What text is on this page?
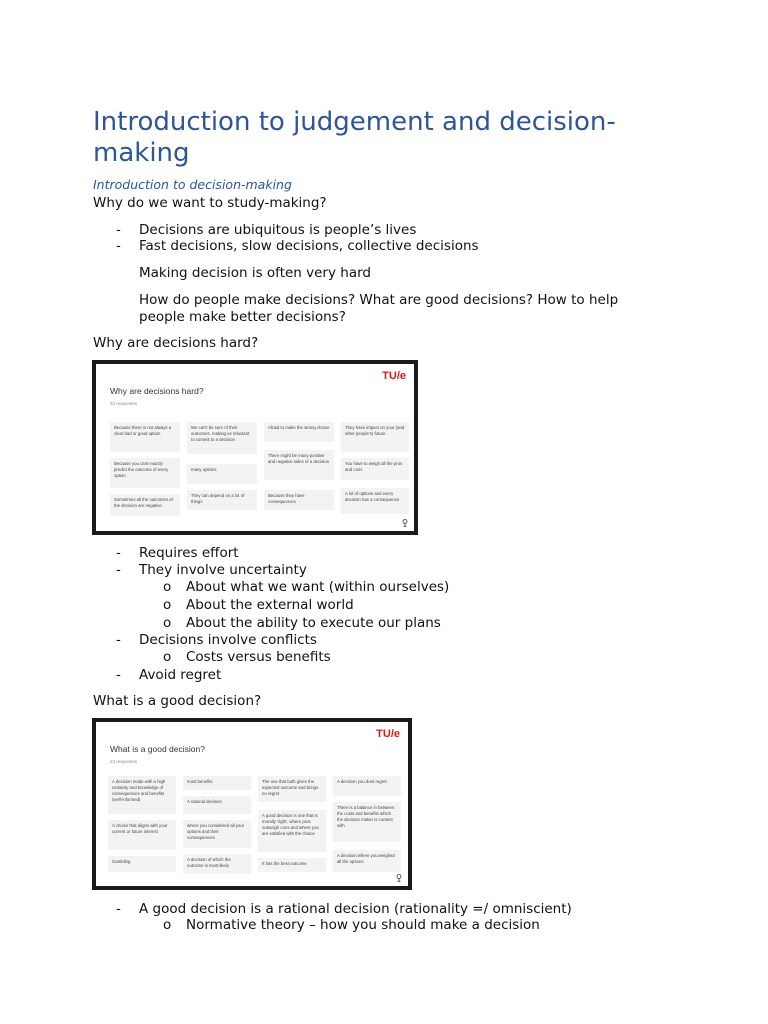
Introduction to judgement and decision-making
Introduction to decision-making
Why do we want to study-making?
- Decisions are ubiquitous is people’s lives
- Fast decisions, slow decisions, collective decisions
Making decision is often very hard
How do people make decisions? What are good decisions? How to help people make better decisions?
Why are decisions hard?
TU/e
Why are decisions hard?
32 responses
Because there is not always a clear bad or good option
We can't be sure of their outcomes, making us reluctant to commit to a decision
Afraid to make the wrong choice	They have impact on your (and other people's) future
Because you cant exactly predict the outcome of every option
many options
There might be many positive and negative sides of a decision	You have to weigh all the pros and cons
Sometimes all the outcomes of the decision are negative
They can depend on a lot of things
Because they have consequences
A lot of options and every decision has a consequence
- Requires effort
- They involve uncertainty
o About what we want (within ourselves)
o About the external world
o About the ability to execute our plans
- Decisions involve conflicts
o Costs versus benefits
- Avoid regret
What is a good decision?
TU/e
What is a good decision?
23 responses
A decision made with a high certainty and knowledge of consequences and benefits (well-informed)
most benefits	The one that both gives the expected outcome and brings no regret
A decision you dont regret
A rational decision
A choice that aligns with your current or future interest
where you considered all your options and their consequences
A good decision is one that is morally 'right', where pros outweigh cons and where you are satisfied with the choice
There is a balance in between the costs and benefits which the decision maker is content with
Gambling	A decision of which the outcome is most likely	It has the best outcome
A decision where you weighed all the options
- A good decision is a rational decision (rationality =/ omniscient)
o Normative theory – how you should make a decision
